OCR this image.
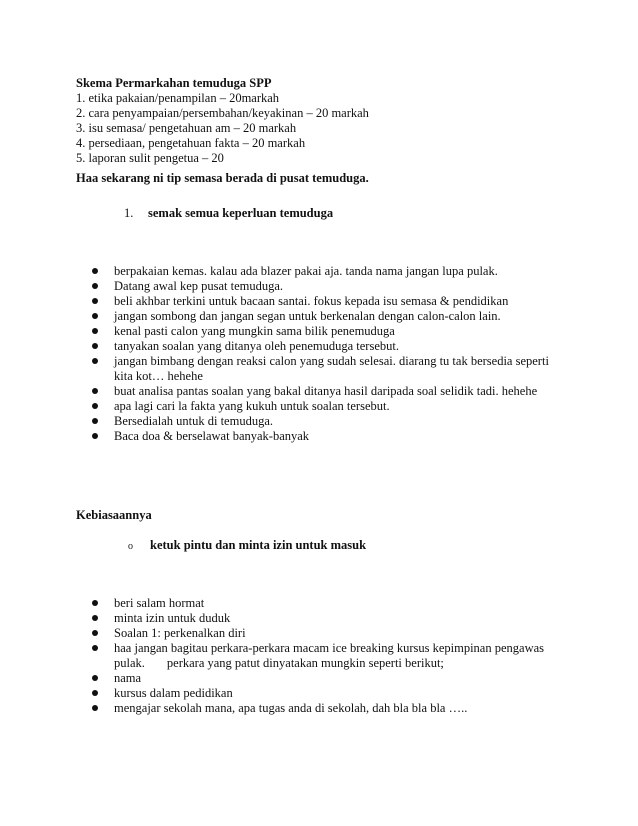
Skema Permarkahan temuduga SPP
1. etika pakaian/penampilan – 20markah
2. cara penyampaian/persembahan/keyakinan – 20 markah
3. isu semasa/ pengetahuan am – 20 markah
4. persediaan, pengetahuan fakta – 20 markah
5. laporan sulit pengetua – 20
Haa sekarang ni tip semasa berada di pusat temuduga.
1. semak semua keperluan temuduga
berpakaian kemas. kalau ada blazer pakai aja. tanda nama jangan lupa pulak.
Datang awal kep pusat temuduga.
beli akhbar terkini untuk bacaan santai. fokus kepada isu semasa & pendidikan
jangan sombong dan jangan segan untuk berkenalan dengan calon-calon lain.
kenal pasti calon yang mungkin sama bilik penemuduga
tanyakan soalan yang ditanya oleh penemuduga tersebut.
jangan bimbang dengan reaksi calon yang sudah selesai. diarang tu tak bersedia seperti
kita kot… hehehe
buat analisa pantas soalan yang bakal ditanya hasil daripada soal selidik tadi. hehehe
apa lagi cari la fakta yang kukuh untuk soalan tersebut.
Bersedialah untuk di temuduga.
Baca doa & berselawat banyak-banyak
Kebiasaannya
o ketuk pintu dan minta izin untuk masuk
beri salam hormat
minta izin untuk duduk
Soalan 1: perkenalkan diri
haa jangan bagitau perkara-perkara macam ice breaking kursus kepimpinan pengawas
pulak. perkara yang patut dinyatakan mungkin seperti berikut;
nama
kursus dalam pedidikan
mengajar sekolah mana, apa tugas anda di sekolah, dah bla bla bla …..
